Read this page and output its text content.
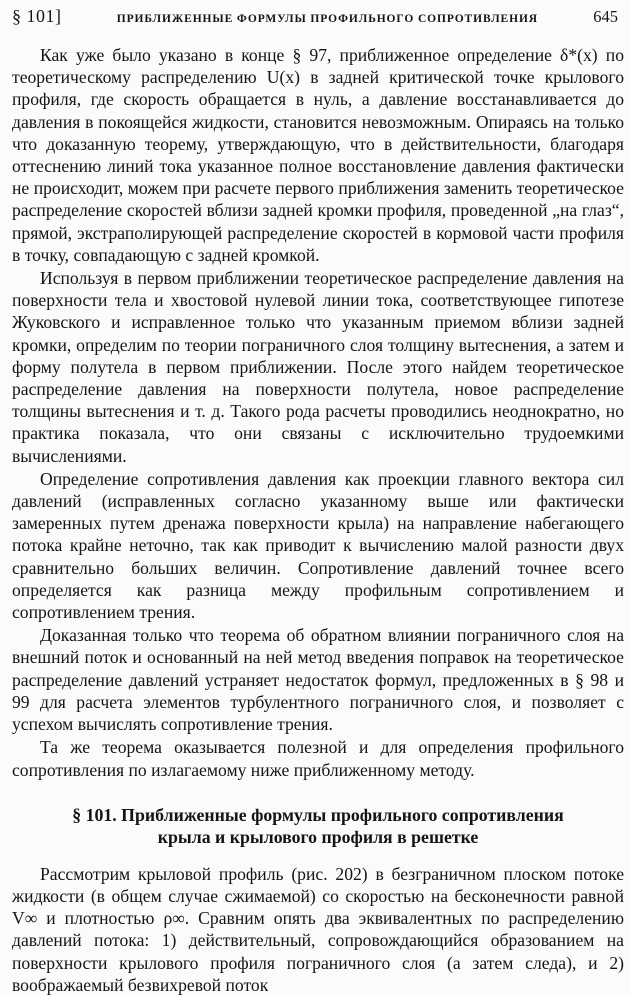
§ 101]	ПРИБЛИЖЕННЫЕ ФОРМУЛЫ ПРОФИЛЬНОГО СОПРОТИВЛЕНИЯ	645

Как уже было указано в конце § 97, приближенное определение δ*(x) по теоретическому распределению U(x) в задней критической точке крылового профиля, где скорость обращается в нуль, а давление восстанавливается до давления в покоящейся жидкости, становится невозможным. Опираясь на только что доказанную теорему, утверждающую, что в действительности, благодаря оттеснению линий тока указанное полное восстановление давления фактически не происходит, можем при расчете первого приближения заменить теоретическое распределение скоростей вблизи задней кромки профиля, проведенной „на глаз“, прямой, экстраполирующей распределение скоростей в кормовой части профиля в точку, совпадающую с задней кромкой.

Используя в первом приближении теоретическое распределение давления на поверхности тела и хвостовой нулевой линии тока, соответствующее гипотезе Жуковского и исправленное только что указанным приемом вблизи задней кромки, определим по теории пограничного слоя толщину вытеснения, а затем и форму полутела в первом приближении. После этого найдем теоретическое распределение давления на поверхности полутела, новое распределение толщины вытеснения и т. д. Такого рода расчеты проводились неоднократно, но практика показала, что они связаны с исключительно трудоемкими вычислениями.

Определение сопротивления давления как проекции главного вектора сил давлений (исправленных согласно указанному выше или фактически замеренных путем дренажа поверхности крыла) на направление набегающего потока крайне неточно, так как приводит к вычислению малой разности двух сравнительно больших величин. Сопротивление давлений точнее всего определяется как разница между профильным сопротивлением и сопротивлением трения.

Доказанная только что теорема об обратном влиянии пограничного слоя на внешний поток и основанный на ней метод введения поправок на теоретическое распределение давлений устраняет недостаток формул, предложенных в § 98 и 99 для расчета элементов турбулентного пограничного слоя, и позволяет с успехом вычислять сопротивление трения.

Та же теорема оказывается полезной и для определения профильного сопротивления по излагаемому ниже приближенному методу.

§ 101. Приближенные формулы профильного сопротивления
крыла и крылового профиля в решетке

Рассмотрим крыловой профиль (рис. 202) в безграничном плоском потоке жидкости (в общем случае сжимаемой) со скоростью на бесконечности равной V∞ и плотностью ρ∞. Сравним опять два эквивалентных по распределению давлений потока: 1) действительный, сопровождающийся образованием на поверхности крылового профиля пограничного слоя (а затем следа), и 2) воображаемый безвихревой поток
